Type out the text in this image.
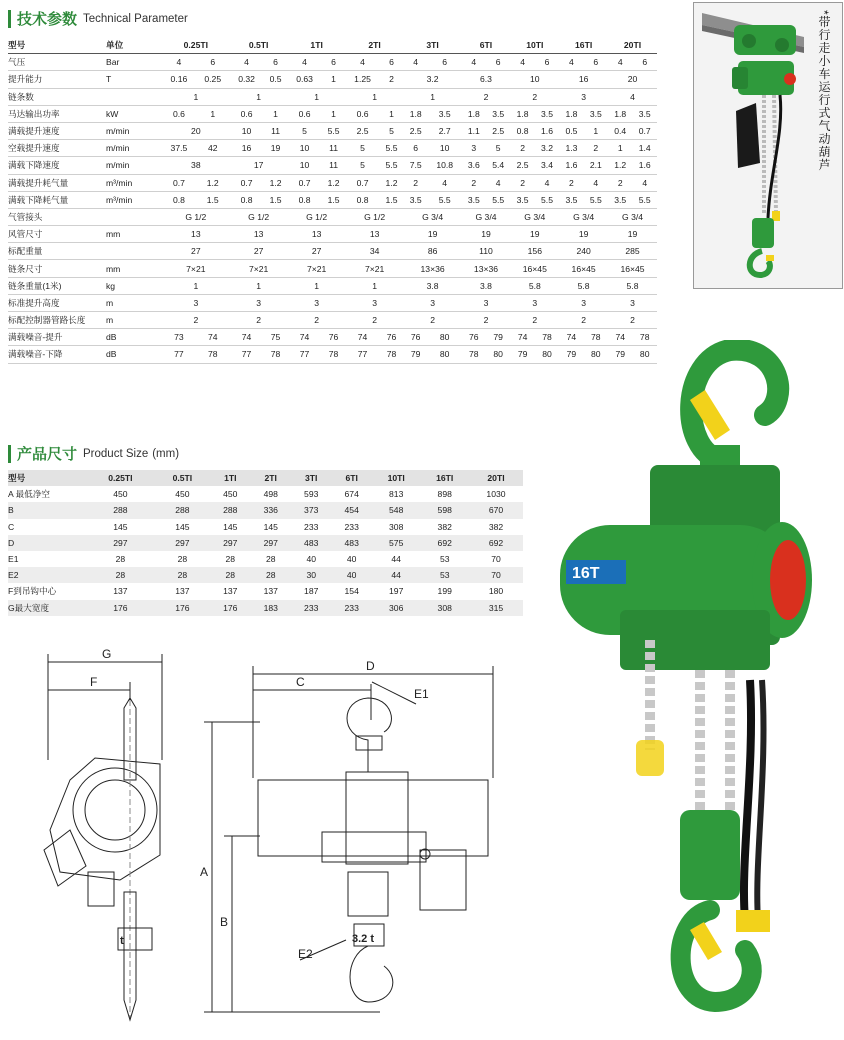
技术参数 Technical Parameter
型号	单位	0.25TI		0.5TI		1TI		2TI		3TI		6TI		10TI		16TI		20TI	
气压	Bar	4	6	4	6	4	6	4	6	4	6	4	6	4	6	4	6	4	6
提升能力	T	0.16	0.25	0.32	0.5	0.63	1	1.25	2	3.2		6.3		10		16		20	
链条数		1		1		1		1		1		2		2		3		4	
马达输出功率	kW	0.6	1	0.6	1	0.6	1	0.6	1	1.8	3.5	1.8	3.5	1.8	3.5	1.8	3.5	1.8	3.5
满载提升速度	m/min	20		10	11	5	5.5	2.5	5	2.5	2.7	1.1	2.5	0.8	1.6	0.5	1	0.4	0.7
空载提升速度	m/min	37.5	42	16	19	10	11	5	5.5	6	10	3	5	2	3.2	1.3	2	1	1.4
满载下降速度	m/min	38		17		10	11	5	5.5	7.5	10.8	3.6	5.4	2.5	3.4	1.6	2.1	1.2	1.6
满载提升耗气量	m³/min	0.7	1.2	0.7	1.2	0.7	1.2	0.7	1.2	2	4	2	4	2	4	2	4	2	4
满载下降耗气量	m³/min	0.8	1.5	0.8	1.5	0.8	1.5	0.8	1.5	3.5	5.5	3.5	5.5	3.5	5.5	3.5	5.5	3.5	5.5
气管接头		G 1/2		G 1/2		G 1/2		G 1/2		G 3/4		G 3/4		G 3/4		G 3/4		G 3/4	
风管尺寸	mm	13		13		13		13		19		19		19		19		19	
标配重量		27		27		27		34		86		110		156		240		285	
链条尺寸	mm	7×21		7×21		7×21		7×21		13×36		13×36		16×45		16×45		16×45	
链条重量(1米)	kg	1		1		1		1		3.8		3.8		5.8		5.8		5.8	
标准提升高度	m	3		3		3		3		3		3		3		3		3	
标配控制器管路长度	m	2		2		2		2		2		2		2		2		2	
满载噪音-提升	dB	73	74	74	75	74	76	74	76	76	80	76	79	74	78	74	78	74	78
满载噪音-下降	dB	77	78	77	78	77	78	77	78	79	80	78	80	79	80	79	80	79	80
产品尺寸 Product Size (mm)
型号	0.25TI	0.5TI	1TI	2TI	3TI	6TI	10TI	16TI	20TI
A 最低净空	450	450	450	498	593	674	813	898	1030
B	288	288	288	336	373	454	548	598	670
C	145	145	145	145	233	233	308	382	382
D	297	297	297	297	483	483	575	692	692
E1	28	28	28	28	40	40	44	53	70
E2	28	28	28	28	30	40	44	53	70
F到吊钩中心	137	137	137	137	187	154	197	199	180
G最大宽度	176	176	176	183	233	233	306	308	315
*带行走小车运行式气动葫芦
G
F
D
C
E1
E2
A
B
3.2 t
t
16T
